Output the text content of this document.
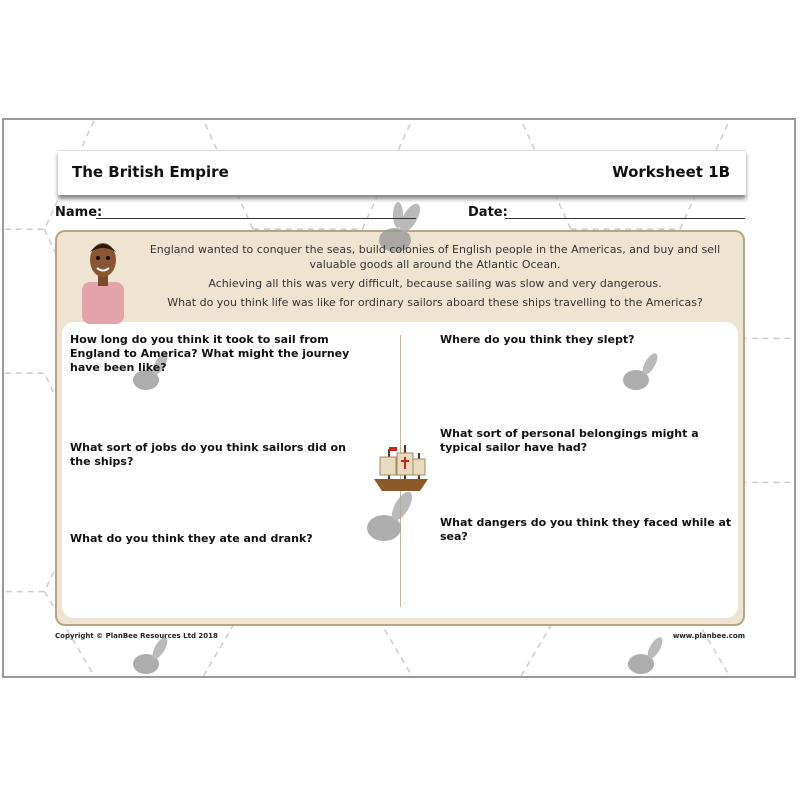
The British Empire	Worksheet 1B
Name:	Date:

England wanted to conquer the seas, build colonies of English people in the Americas, and buy and sell valuable goods all around the Atlantic Ocean.

Achieving all this was very difficult, because sailing was slow and very dangerous.

What do you think life was like for ordinary sailors aboard these ships travelling to the Americas?

How long do you think it took to sail from England to America? What might the journey have been like?
What sort of jobs do you think sailors did on the ships?
What do you think they ate and drank?
Where do you think they slept?
What sort of personal belongings might a typical sailor have had?
What dangers do you think they faced while at sea?
Copyright © PlanBee Resources Ltd 2018	www.planbee.com
